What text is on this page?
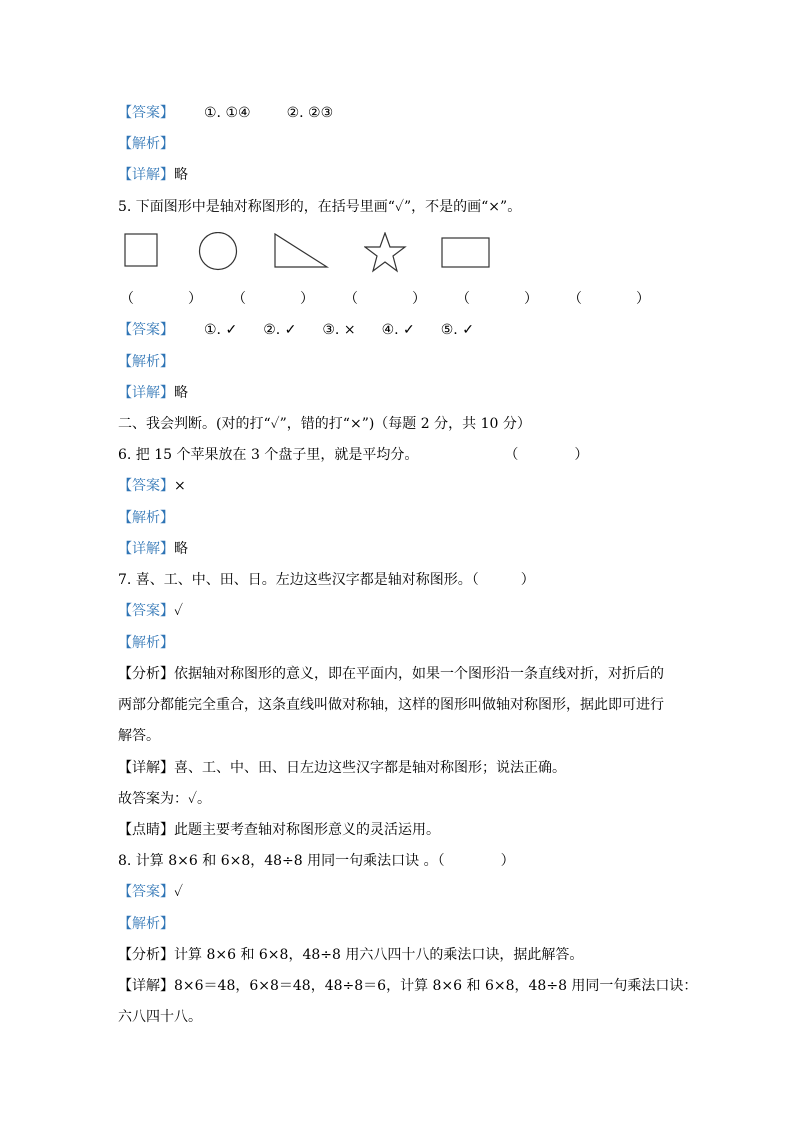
【答案】 ①. ①④	②. ②③
【解析】
【详解】略
5. 下面图形中是轴对称图形的，在括号里画“✓”，不是的画“×”。
（	） （	） （	） （	） （	）
【答案】 ①. ✓ ②. ✓ ③. × ④. ✓ ⑤. ✓
【解析】
【详解】略
二、我会判断。(对的打“✓”，错的打“×”)（每题 2 分，共 10 分）
6. 把 15 个苹果放在 3 个盘子里，就是平均分。	（　　　　）
【答案】×
【解析】
【详解】略
7. 喜、工、中、田、日。左边这些汉字都是轴对称图形。（　　　）
【答案】✓
【解析】
【分析】依据轴对称图形的意义，即在平面内，如果一个图形沿一条直线对折，对折后的
两部分都能完全重合，这条直线叫做对称轴，这样的图形叫做轴对称图形，据此即可进行
解答。
【详解】喜、工、中、田、日左边这些汉字都是轴对称图形；说法正确。
故答案为：✓。
【点睛】此题主要考查轴对称图形意义的灵活运用。
8. 计算 8×6 和 6×8，48÷8 用同一句乘法口诀 。（　　　　）
【答案】✓
【解析】
【分析】计算 8×6 和 6×8，48÷8 用六八四十八的乘法口诀，据此解答。
【详解】8×6＝48，6×8＝48，48÷8＝6，计算 8×6 和 6×8，48÷8 用同一句乘法口诀：
六八四十八。
